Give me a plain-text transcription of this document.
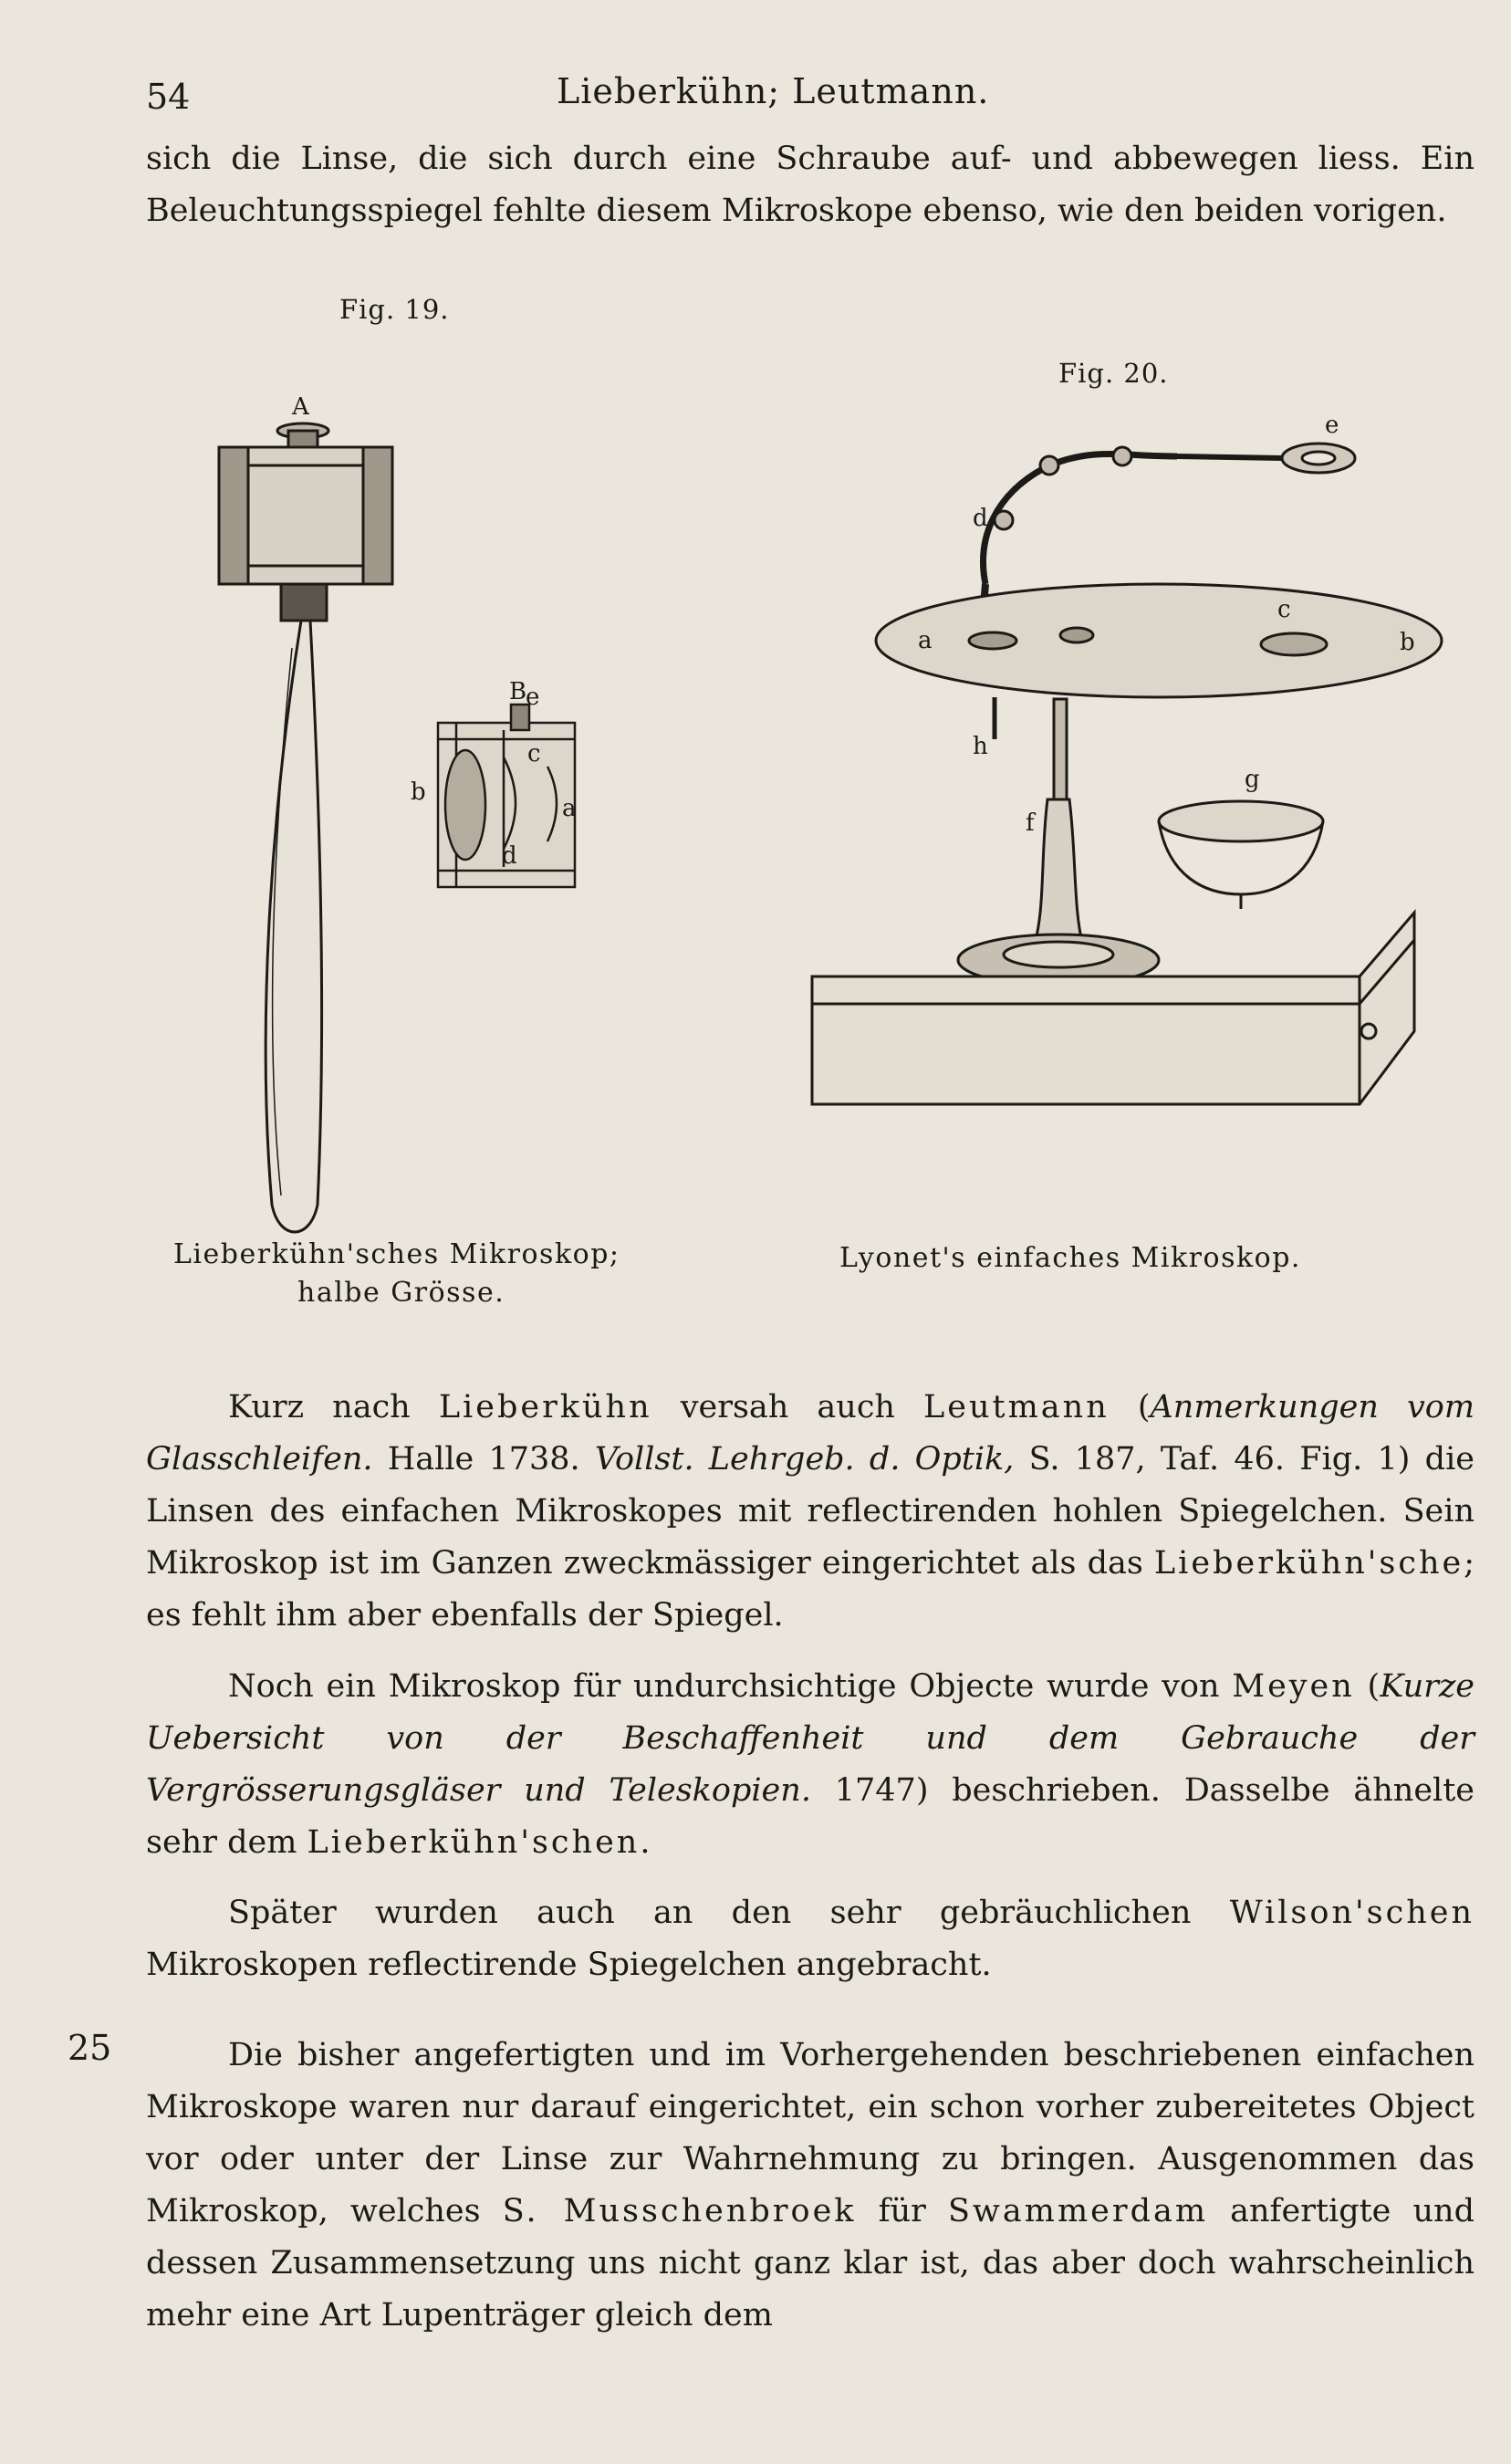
54	Lieberkühn; Leutmann.

sich die Linse, die sich durch eine Schraube auf- und abbewegen liess. Ein Beleuchtungsspiegel fehlte diesem Mikroskope ebenso, wie den beiden vorigen.

Fig. 19.
Fig. 20.
A
B
e
b
c
a
d
e
d
a
c
b
h
g
f
Lieberkühn'sches Mikroskop;
halbe Grösse.
Lyonet's einfaches Mikroskop.

Kurz nach Lieberkühn versah auch Leutmann (Anmerkungen vom Glasschleifen. Halle 1738. Vollst. Lehrgeb. d. Optik, S. 187, Taf. 46. Fig. 1) die Linsen des einfachen Mikroskopes mit reflectirenden hohlen Spiegelchen. Sein Mikroskop ist im Ganzen zweckmässiger eingerichtet als das Lieberkühn'sche; es fehlt ihm aber ebenfalls der Spiegel.

Noch ein Mikroskop für undurchsichtige Objecte wurde von Meyen (Kurze Uebersicht von der Beschaffenheit und dem Gebrauche der Vergrösserungsgläser und Teleskopien. 1747) beschrieben. Dasselbe ähnelte sehr dem Lieberkühn'schen.

Später wurden auch an den sehr gebräuchlichen Wilson'schen Mikroskopen reflectirende Spiegelchen angebracht.

25	Die bisher angefertigten und im Vorhergehenden beschriebenen einfachen Mikroskope waren nur darauf eingerichtet, ein schon vorher zubereitetes Object vor oder unter der Linse zur Wahrnehmung zu bringen. Ausgenommen das Mikroskop, welches S. Musschenbroek für Swammerdam anfertigte und dessen Zusammensetzung uns nicht ganz klar ist, das aber doch wahrscheinlich mehr eine Art Lupenträger gleich dem
